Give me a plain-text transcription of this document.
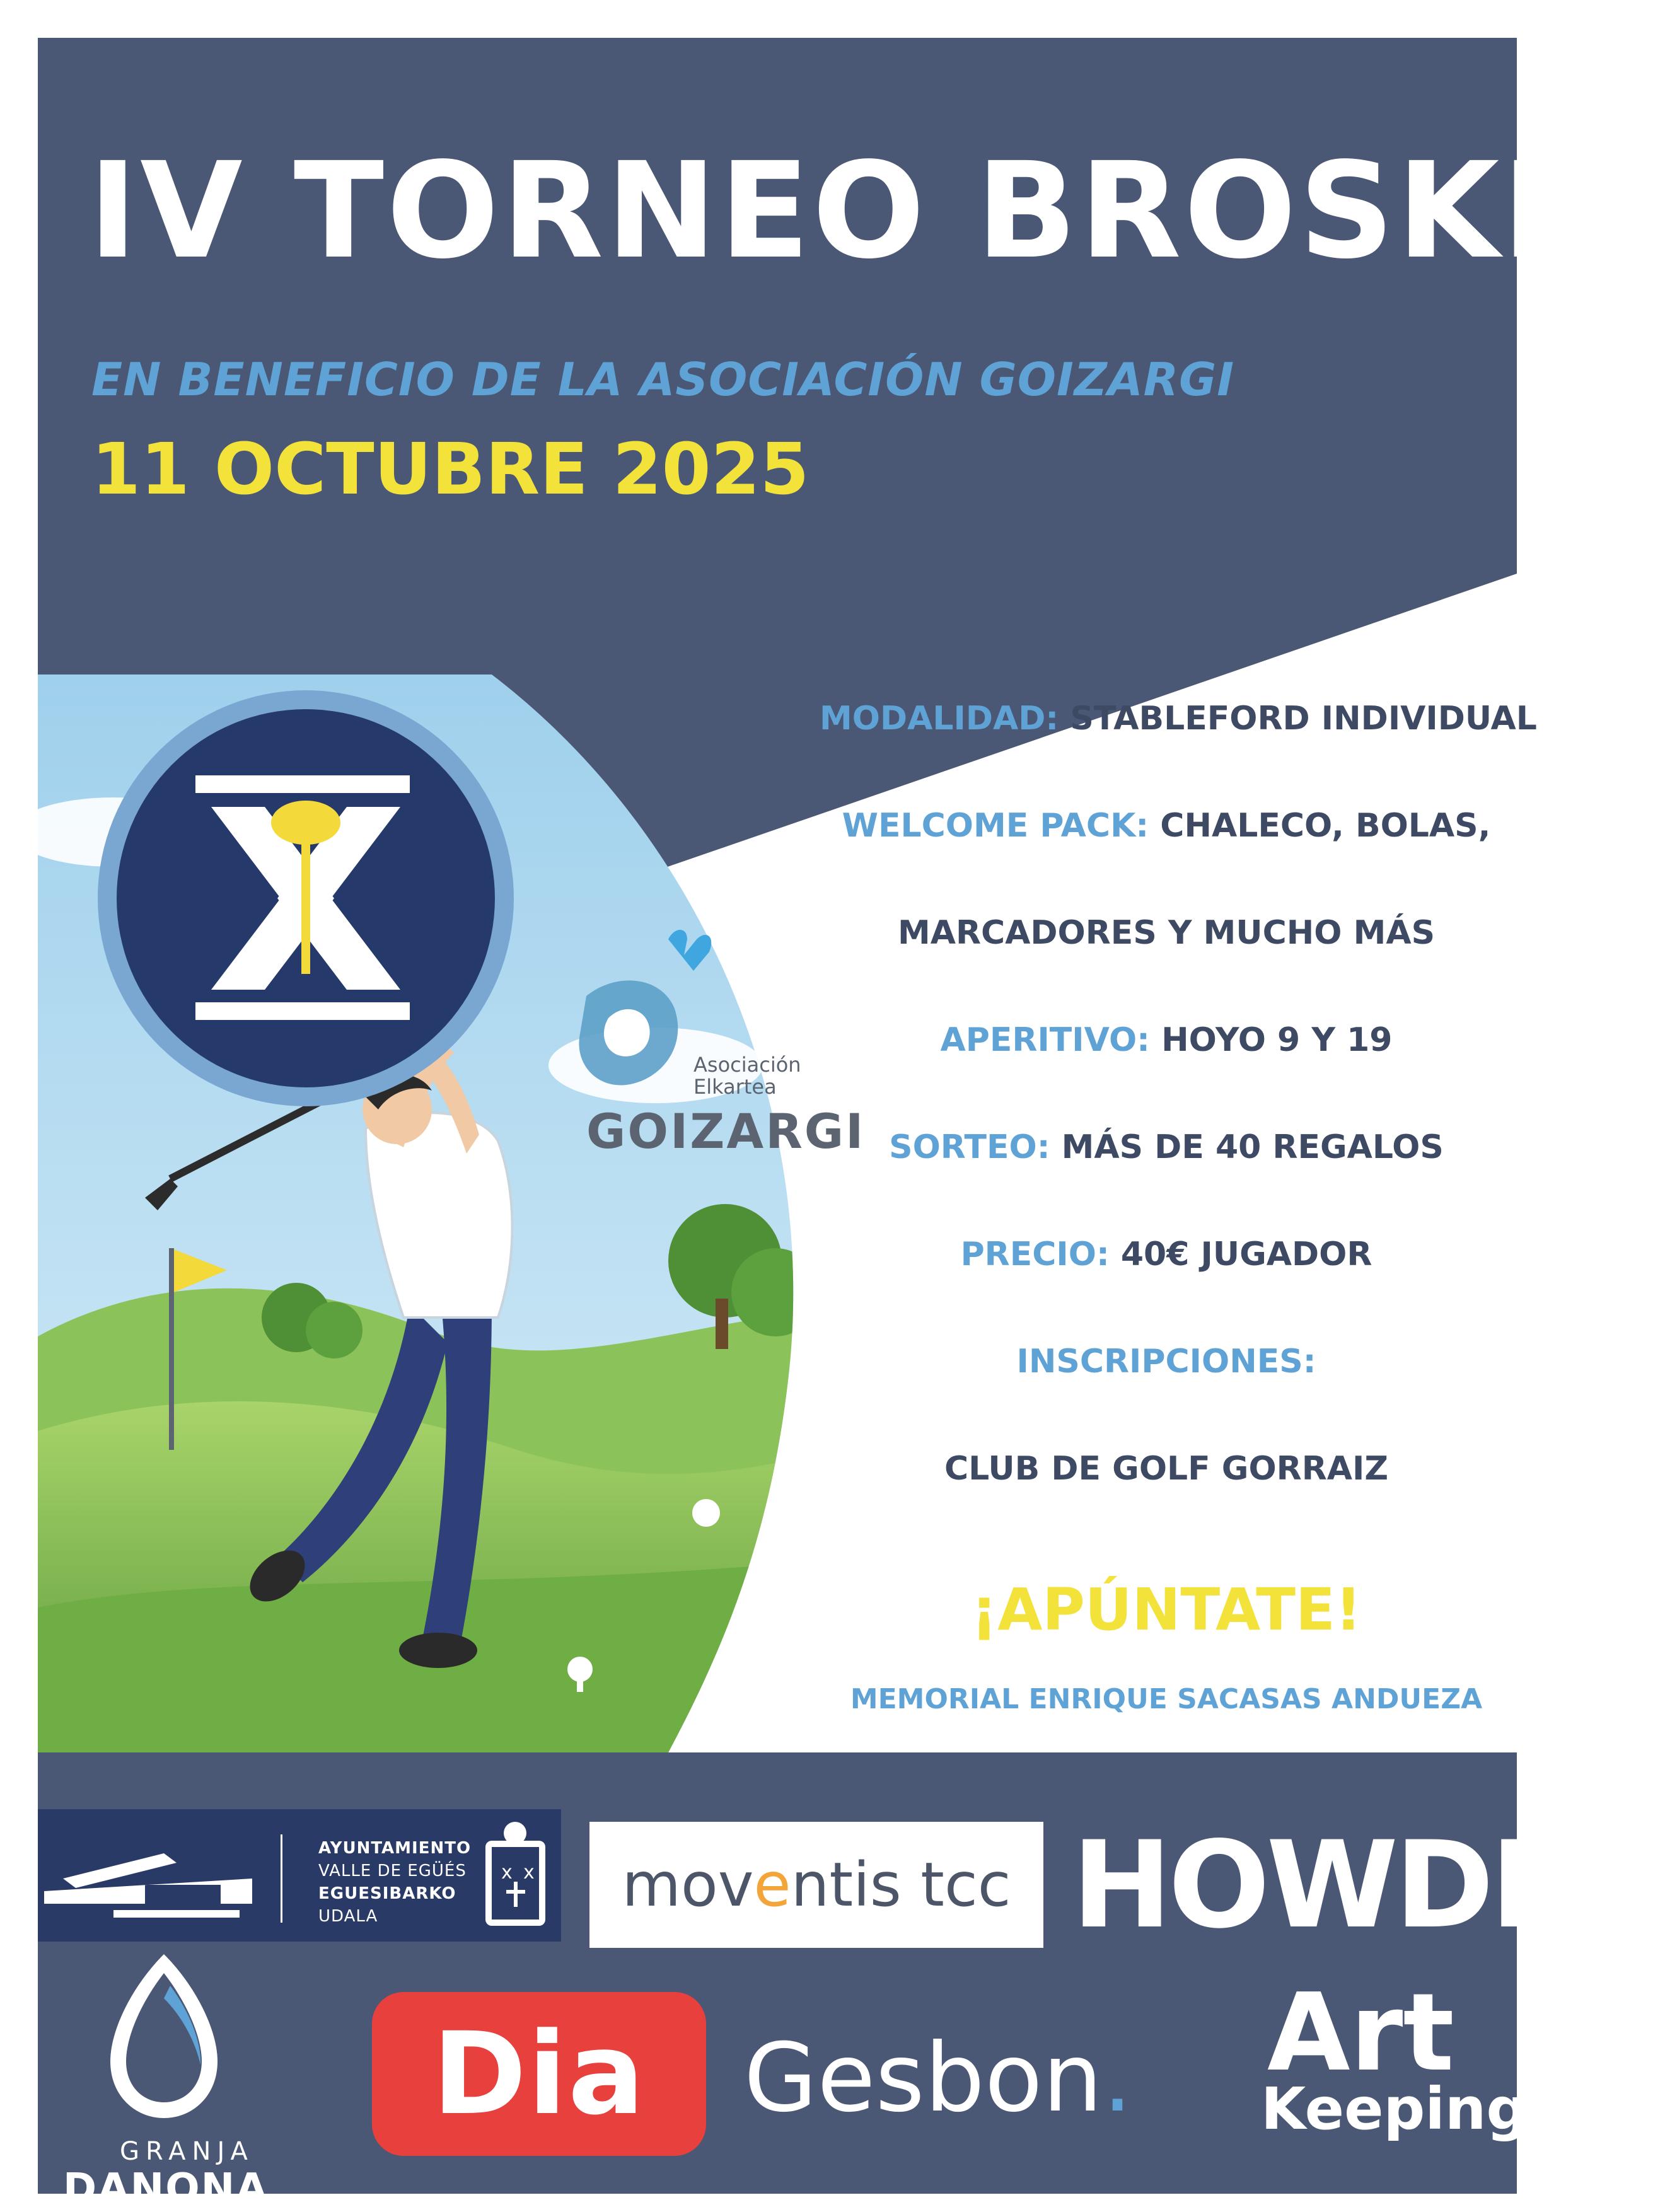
IV TORNEO BROSKI
EN BENEFICIO DE LA ASOCIACIÓN GOIZARGI
11 OCTUBRE 2025
Asociación
Elkartea
GOIZARGI
MODALIDAD: STABLEFORD INDIVIDUAL
WELCOME PACK: CHALECO, BOLAS,
MARCADORES Y MUCHO MÁS
APERITIVO: HOYO 9 Y 19
SORTEO: MÁS DE 40 REGALOS
PRECIO: 40€ JUGADOR
INSCRIPCIONES:
CLUB DE GOLF GORRAIZ
¡APÚNTATE!
MEMORIAL ENRIQUE SACASAS ANDUEZA
x x
AYUNTAMIENTO
VALLE DE EGÜÉS
EGUESIBARKO
UDALA	mov e ntis tcc HOWDEN
GRANJA
DANONA
Dia Gesbon. Art
Keeping
